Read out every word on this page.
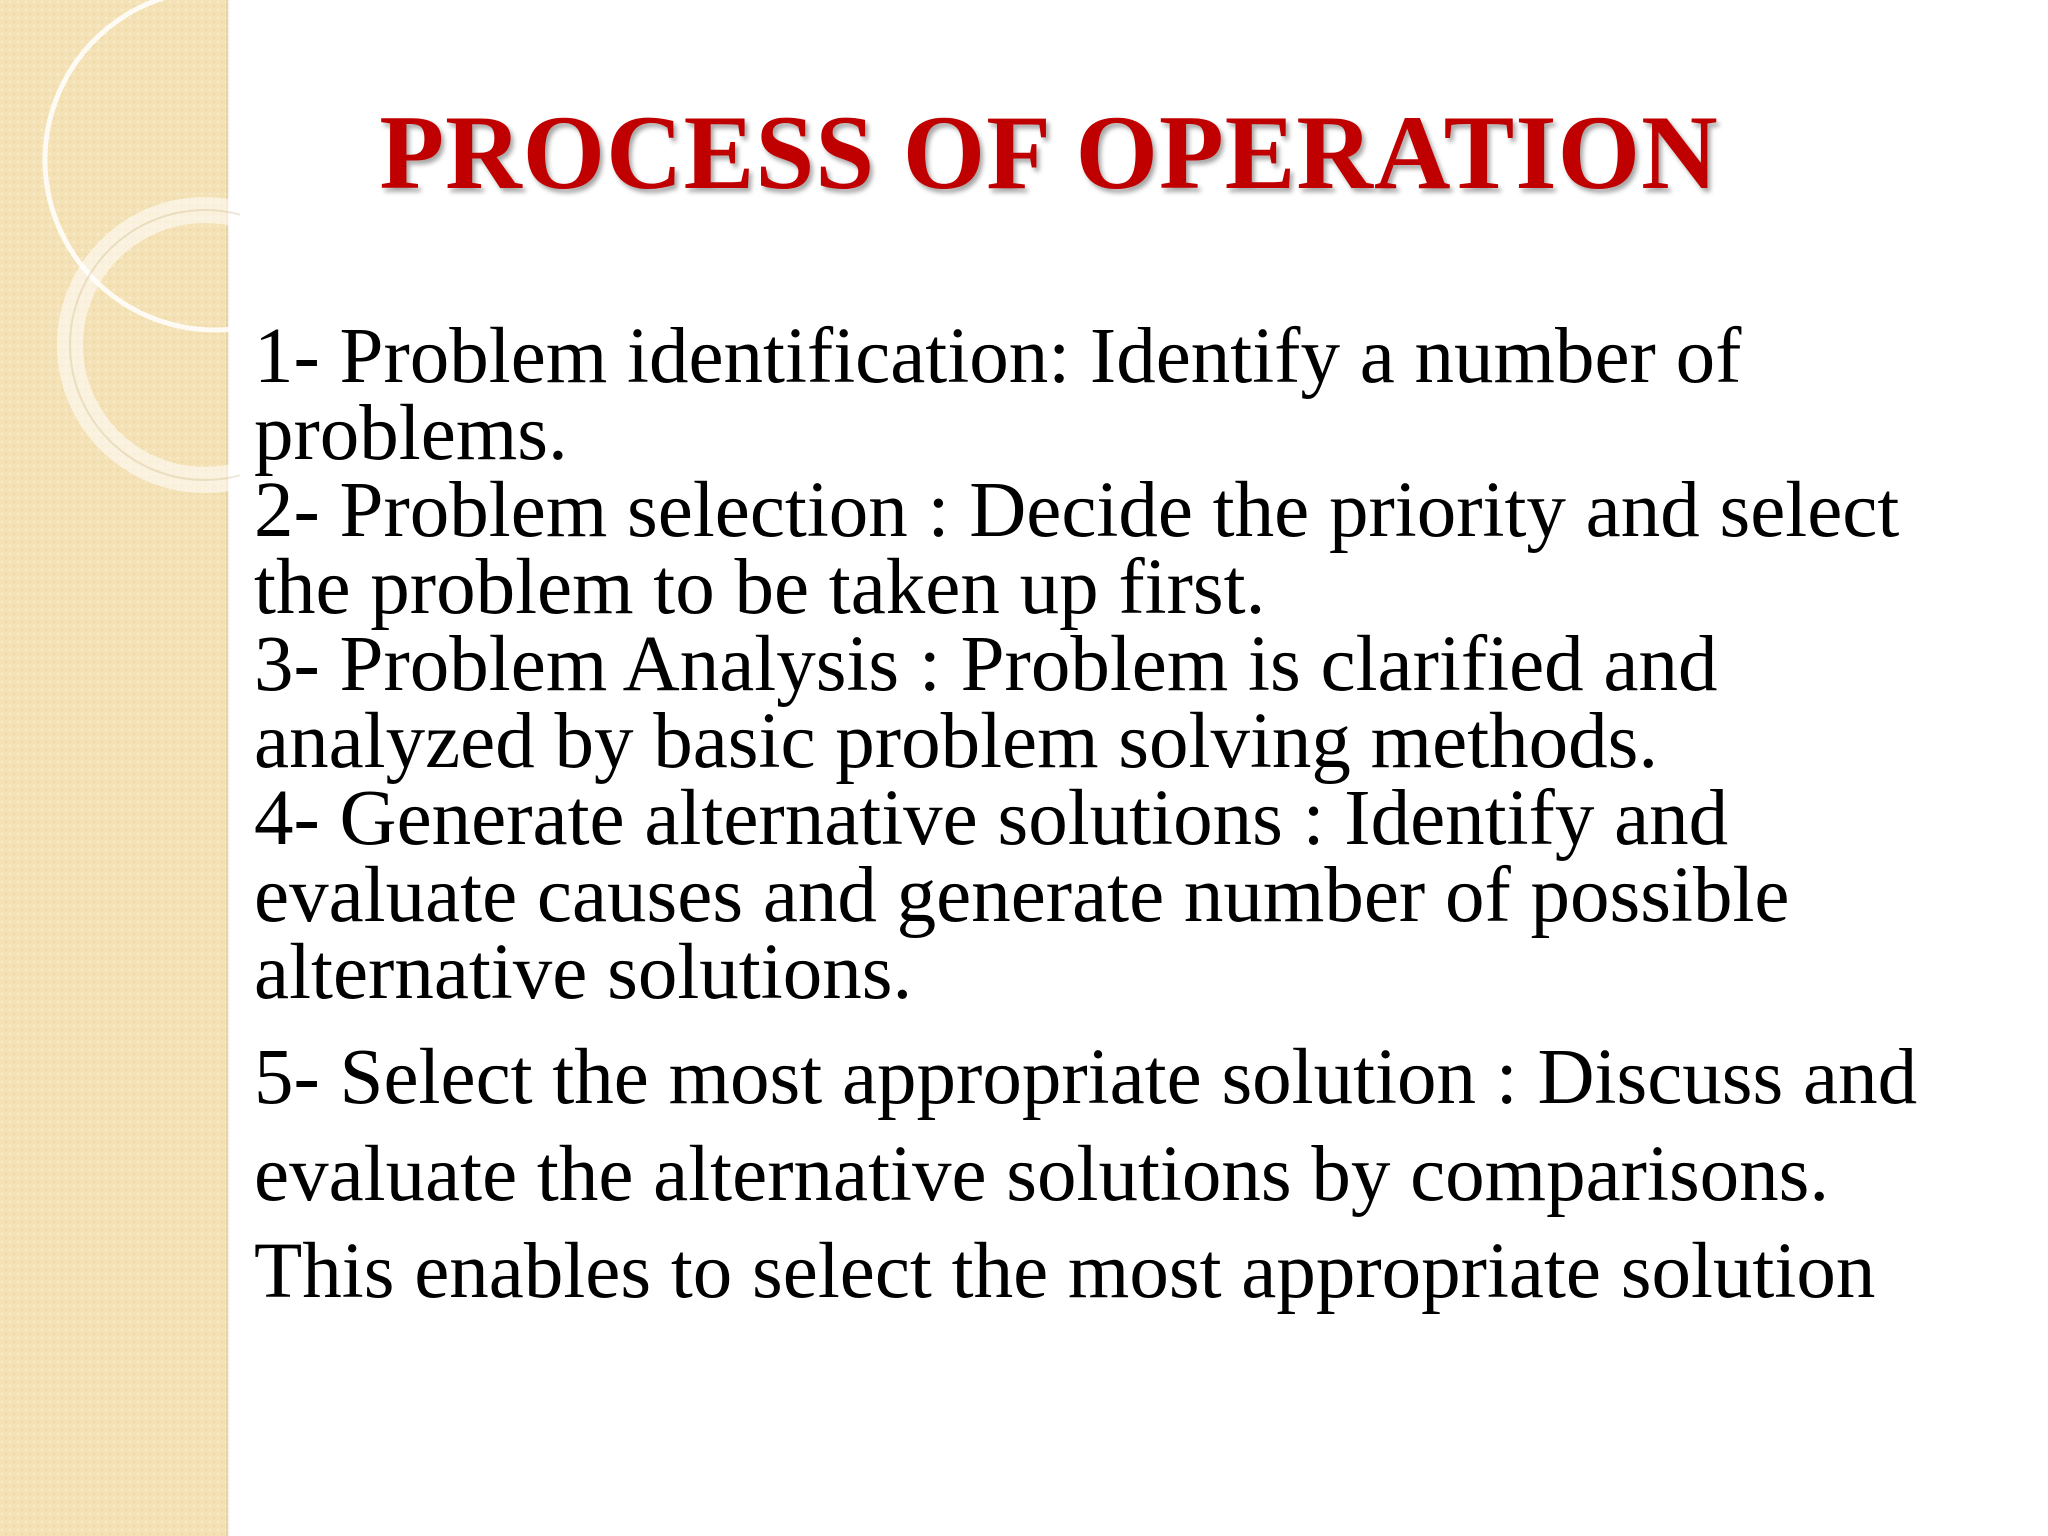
PROCESS OF OPERATION

1- Problem identification: Identify a number of problems.

2- Problem selection : Decide the priority and select the problem to be taken up first.

3- Problem Analysis : Problem is clarified and analyzed by basic problem solving methods.

4- Generate alternative solutions : Identify and evaluate causes and generate number of possible alternative solutions.

5- Select the most appropriate solution : Discuss and

evaluate the alternative solutions by comparisons.

This enables to select the most appropriate solution
